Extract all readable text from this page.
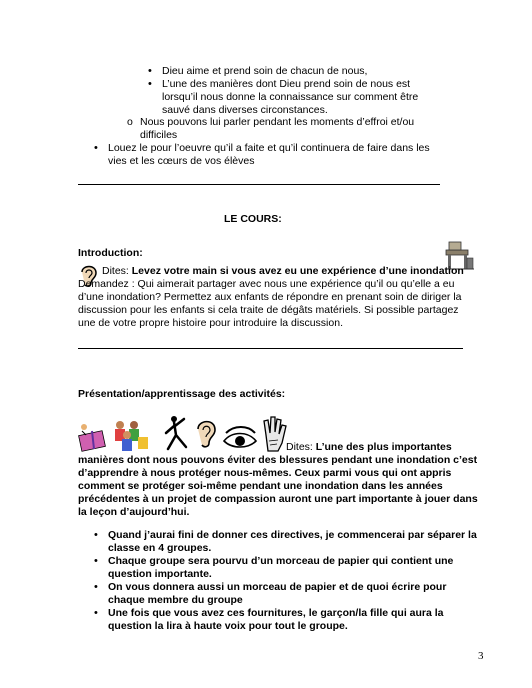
• Dieu aime et prend soin de chacun de nous,
• L’une des manières dont Dieu prend soin de nous est lorsqu’il nous donne la connaissance sur comment être sauvé dans diverses circonstances.
o Nous pouvons lui parler pendant les moments d’effroi et/ou difficiles
• Louez le pour l’oeuvre qu’il a faite et qu’il continuera de faire dans les vies et les cœurs de vos élèves
LE COURS:
Introduction:
Dites: Levez votre main si vous avez eu une expérience d’une inondation Demandez : Qui aimerait partager avec nous une expérience qu’il ou qu’elle a eu d’une inondation? Permettez aux enfants de répondre en prenant soin de diriger la discussion pour les enfants si cela traite de dégâts matériels. Si possible partagez une de votre propre histoire pour introduire la discussion.
Présentation/apprentissage des activités:
Dites: L’une des plus importantes manières dont nous pouvons éviter des blessures pendant une inondation c’est d’apprendre à nous protéger nous-mêmes. Ceux parmi vous qui ont appris comment se protéger soi-même pendant une inondation dans les années précédentes à un projet de compassion auront une part importante à jouer dans la leçon d’aujourd’hui.
• Quand j’aurai fini de donner ces directives, je commencerai par séparer la classe en 4 groupes.
• Chaque groupe sera pourvu d’un morceau de papier qui contient une question importante.
• On vous donnera aussi un morceau de papier et de quoi écrire pour chaque membre du groupe
• Une fois que vous avez ces fournitures, le garçon/la fille qui aura la question la lira à haute voix pour tout le groupe.
3
